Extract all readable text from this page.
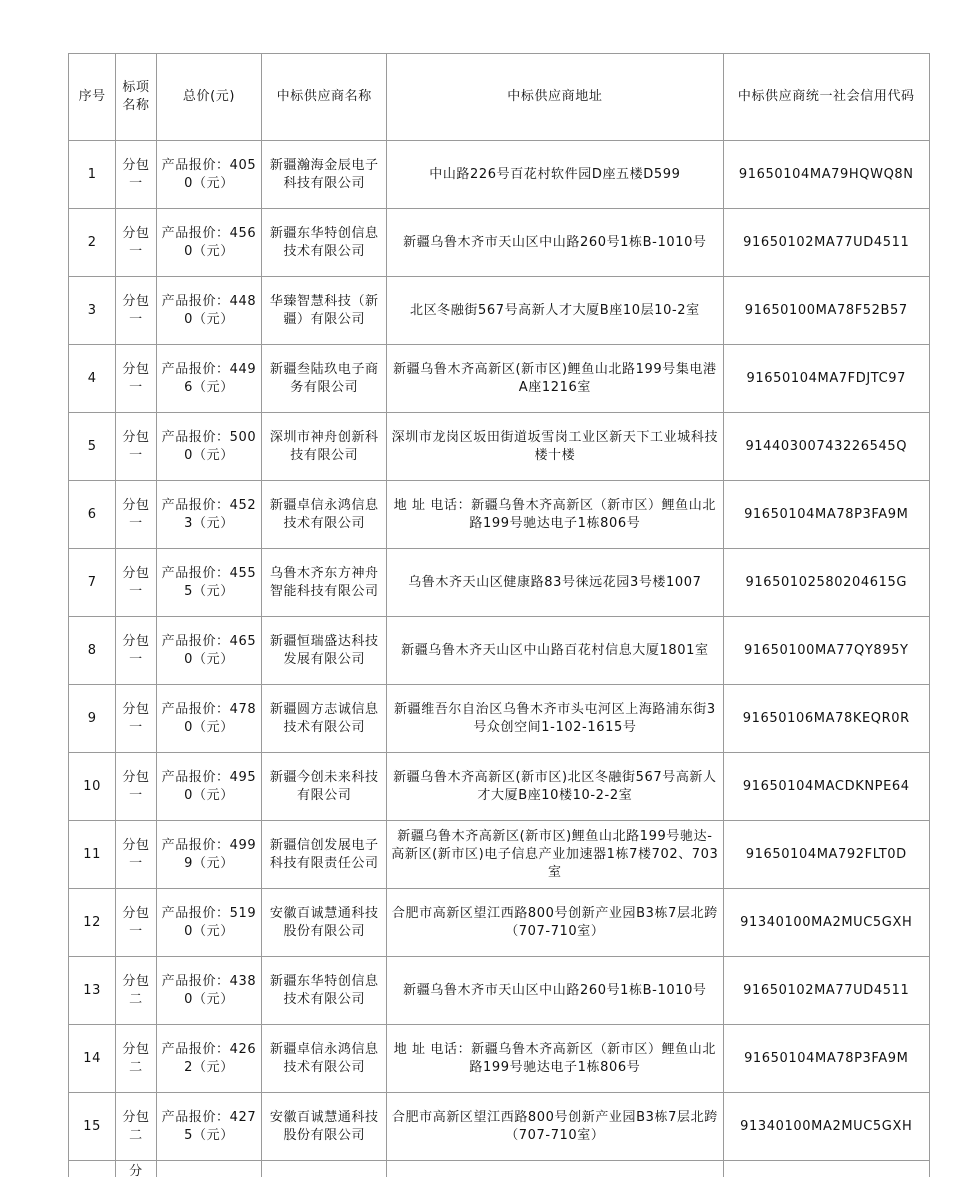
序号	标项名称	总价(元)	中标供应商名称	中标供应商地址	中标供应商统一社会信用代码
1	分包一	产品报价：4050（元）	新疆瀚海金辰电子科技有限公司	中山路226号百花村软件园D座五楼D599	91650104MA79HQWQ8N
2	分包一	产品报价：4560（元）	新疆东华特创信息技术有限公司	新疆乌鲁木齐市天山区中山路260号1栋B-1010号	91650102MA77UD4511
3	分包一	产品报价：4480（元）	华臻智慧科技（新疆）有限公司	北区冬融街567号高新人才大厦B座10层10-2室	91650100MA78F52B57
4	分包一	产品报价：4496（元）	新疆叁陆玖电子商务有限公司	新疆乌鲁木齐高新区(新市区)鲤鱼山北路199号集电港A座1216室	91650104MA7FDJTC97
5	分包一	产品报价：5000（元）	深圳市神舟创新科技有限公司	深圳市龙岗区坂田街道坂雪岗工业区新天下工业城科技楼十楼	91440300743226545Q
6	分包一	产品报价：4523（元）	新疆卓信永鸿信息技术有限公司	地 址 电话：新疆乌鲁木齐高新区（新市区）鲤鱼山北路199号驰达电子1栋806号	91650104MA78P3FA9M
7	分包一	产品报价：4555（元）	乌鲁木齐东方神舟智能科技有限公司	乌鲁木齐天山区健康路83号徕远花园3号楼1007	91650102580204615G
8	分包一	产品报价：4650（元）	新疆恒瑞盛达科技发展有限公司	新疆乌鲁木齐天山区中山路百花村信息大厦1801室	91650100MA77QY895Y
9	分包一	产品报价：4780（元）	新疆圆方志诚信息技术有限公司	新疆维吾尔自治区乌鲁木齐市头屯河区上海路浦东街3号众创空间1-102-1615号	91650106MA78KEQR0R
10	分包一	产品报价：4950（元）	新疆今创未来科技有限公司	新疆乌鲁木齐高新区(新市区)北区冬融街567号高新人才大厦B座10楼10-2-2室	91650104MACDKNPE64
11	分包一	产品报价：4999（元）	新疆信创发展电子科技有限责任公司	新疆乌鲁木齐高新区(新市区)鲤鱼山北路199号驰达-高新区(新市区)电子信息产业加速器1栋7楼702、703室	91650104MA792FLT0D
12	分包一	产品报价：5190（元）	安徽百诚慧通科技股份有限公司	合肥市高新区望江西路800号创新产业园B3栋7层北跨（707-710室）	91340100MA2MUC5GXH
13	分包二	产品报价：4380（元）	新疆东华特创信息技术有限公司	新疆乌鲁木齐市天山区中山路260号1栋B-1010号	91650102MA77UD4511
14	分包二	产品报价：4262（元）	新疆卓信永鸿信息技术有限公司	地 址 电话：新疆乌鲁木齐高新区（新市区）鲤鱼山北路199号驰达电子1栋806号	91650104MA78P3FA9M
15	分包二	产品报价：4275（元）	安徽百诚慧通科技股份有限公司	合肥市高新区望江西路800号创新产业园B3栋7层北跨（707-710室）	91340100MA2MUC5GXH
	分				
